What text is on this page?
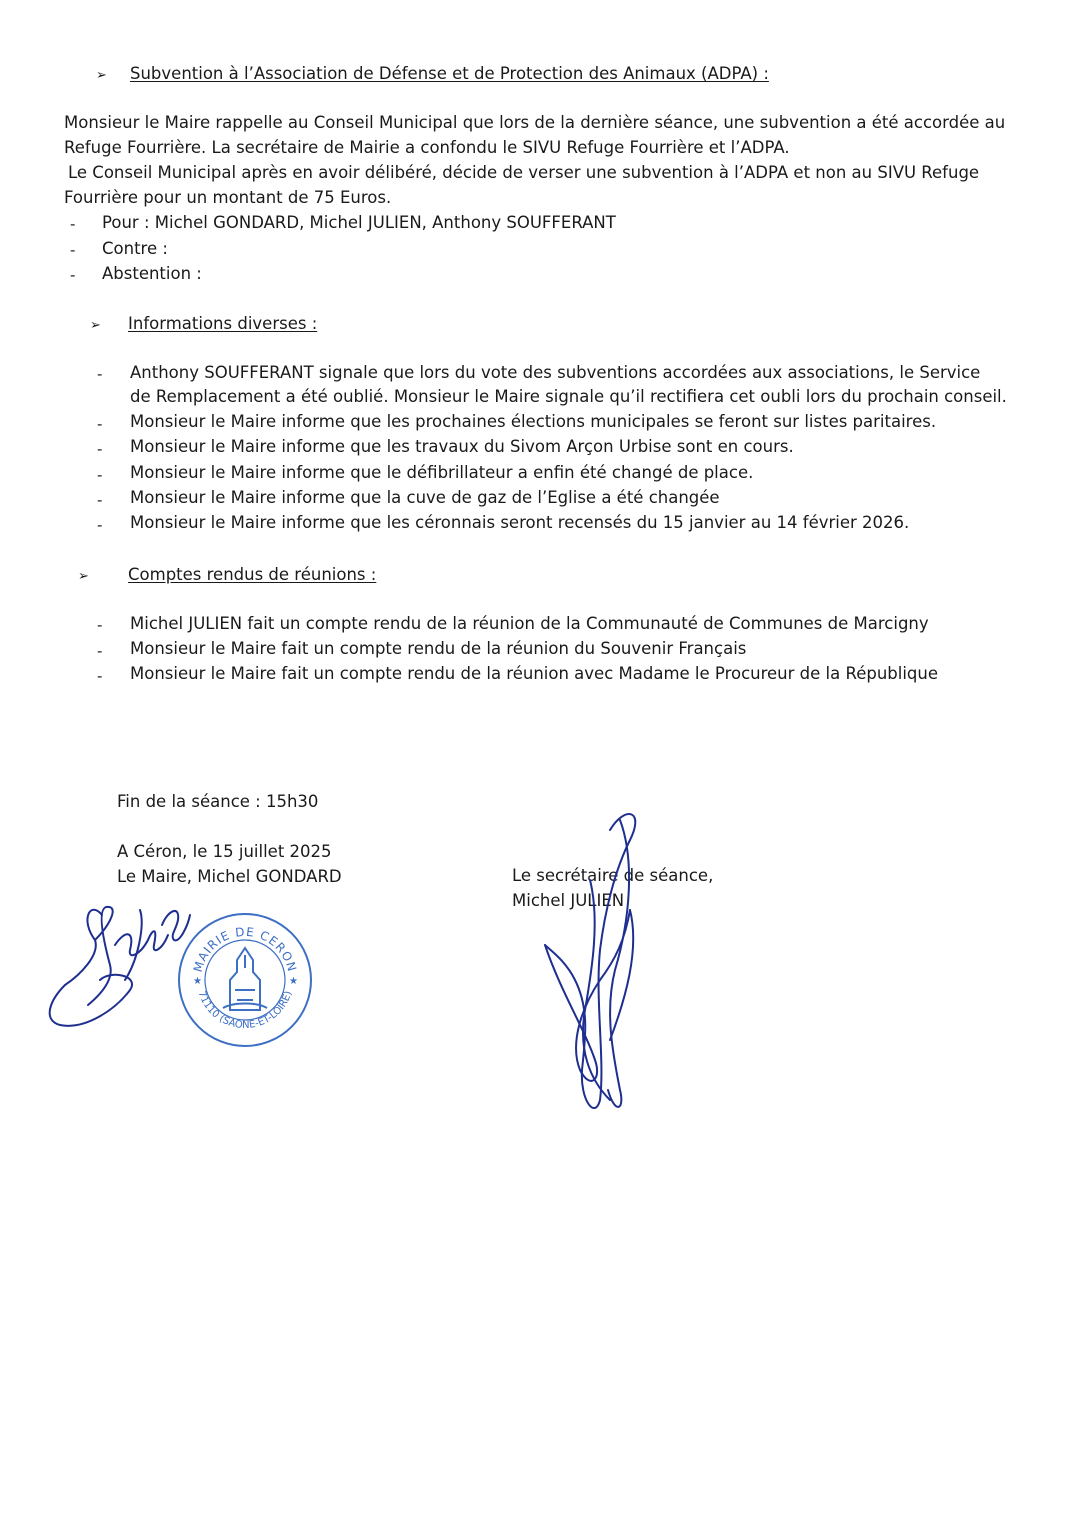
➢ Subvention à l’Association de Défense et de Protection des Animaux (ADPA) :
Monsieur le Maire rappelle au Conseil Municipal que lors de la dernière séance, une subvention a été accordée au
Refuge Fourrière. La secrétaire de Mairie a confondu le SIVU Refuge Fourrière et l’ADPA.
Le Conseil Municipal après en avoir délibéré, décide de verser une subvention à l’ADPA et non au SIVU Refuge
Fourrière pour un montant de 75 Euros.
- Pour : Michel GONDARD, Michel JULIEN, Anthony SOUFFERANT
- Contre :
- Abstention :
➢ Informations diverses :
- Anthony SOUFFERANT signale que lors du vote des subventions accordées aux associations, le Service
de Remplacement a été oublié. Monsieur le Maire signale qu’il rectifiera cet oubli lors du prochain conseil.
- Monsieur le Maire informe que les prochaines élections municipales se feront sur listes paritaires.
- Monsieur le Maire informe que les travaux du Sivom Arçon Urbise sont en cours.
- Monsieur le Maire informe que le défibrillateur a enfin été changé de place.
- Monsieur le Maire informe que la cuve de gaz de l’Eglise a été changée
- Monsieur le Maire informe que les céronnais seront recensés du 15 janvier au 14 février 2026.
➢ Comptes rendus de réunions :
- Michel JULIEN fait un compte rendu de la réunion de la Communauté de Communes de Marcigny
- Monsieur le Maire fait un compte rendu de la réunion du Souvenir Français
- Monsieur le Maire fait un compte rendu de la réunion avec Madame le Procureur de la République
Fin de la séance : 15h30
A Céron, le 15 juillet 2025
Le Maire, Michel GONDARD	Le secrétaire de séance,
Michel JULIEN
MAIRIE DE CERON
71110 (SAONE-ET-LOIRE)
★	★
